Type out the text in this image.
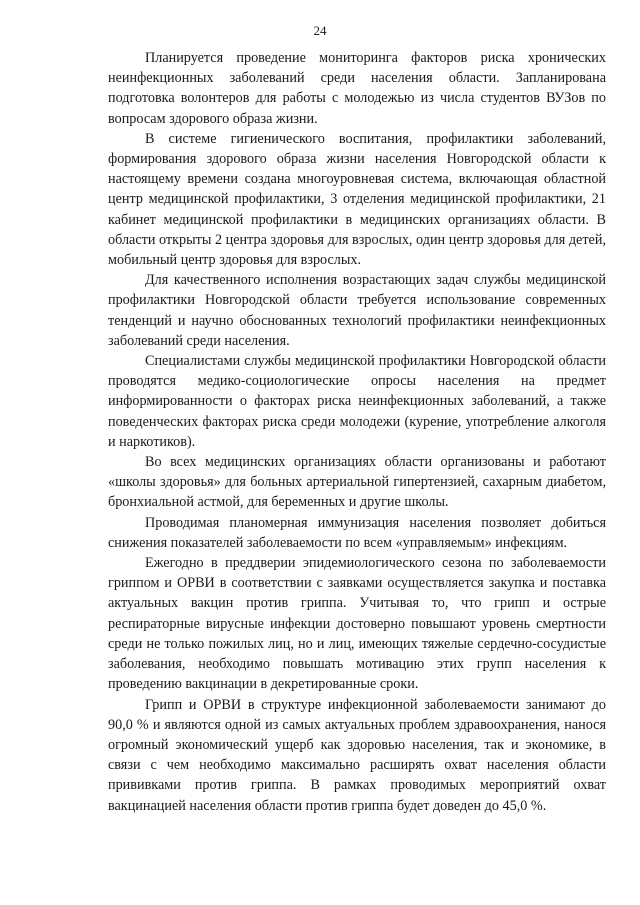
24

Планируется проведение мониторинга факторов риска хронических неинфекционных заболеваний среди населения области. Запланирована подготовка волонтеров для работы с молодежью из числа студентов ВУЗов по вопросам здорового образа жизни.

В системе гигиенического воспитания, профилактики заболеваний, формирования здорового образа жизни населения Новгородской области к настоящему времени создана многоуровневая система, включающая областной центр медицинской профилактики, 3 отделения медицинской профилактики, 21 кабинет медицинской профилактики в медицинских организациях области. В области открыты 2 центра здоровья для взрослых, один центр здоровья для детей, мобильный центр здоровья для взрослых.

Для качественного исполнения возрастающих задач службы медицинской профилактики Новгородской области требуется использование современных тенденций и научно обоснованных технологий профилактики неинфекционных заболеваний среди населения.

Специалистами службы медицинской профилактики Новгородской области проводятся медико-социологические опросы населения на предмет информированности о факторах риска неинфекционных заболеваний, а также поведенческих факторах риска среди молодежи (курение, употребление алкоголя и наркотиков).

Во всех медицинских организациях области организованы и работают «школы здоровья» для больных артериальной гипертензией, сахарным диабетом, бронхиальной астмой, для беременных и другие школы.

Проводимая планомерная иммунизация населения позволяет добиться снижения показателей заболеваемости по всем «управляемым» инфекциям.

Ежегодно в преддверии эпидемиологического сезона по заболеваемости гриппом и ОРВИ в соответствии с заявками осуществляется закупка и поставка актуальных вакцин против гриппа. Учитывая то, что грипп и острые респираторные вирусные инфекции достоверно повышают уровень смертности среди не только пожилых лиц, но и лиц, имеющих тяжелые сердечно-сосудистые заболевания, необходимо повышать мотивацию этих групп населения к проведению вакцинации в декретированные сроки.

Грипп и ОРВИ в структуре инфекционной заболеваемости занимают до 90,0 % и являются одной из самых актуальных проблем здравоохранения, нанося огромный экономический ущерб как здоровью населения, так и экономике, в связи с чем необходимо максимально расширять охват населения области прививками против гриппа. В рамках проводимых мероприятий охват вакцинацией населения области против гриппа будет доведен до 45,0 %.
